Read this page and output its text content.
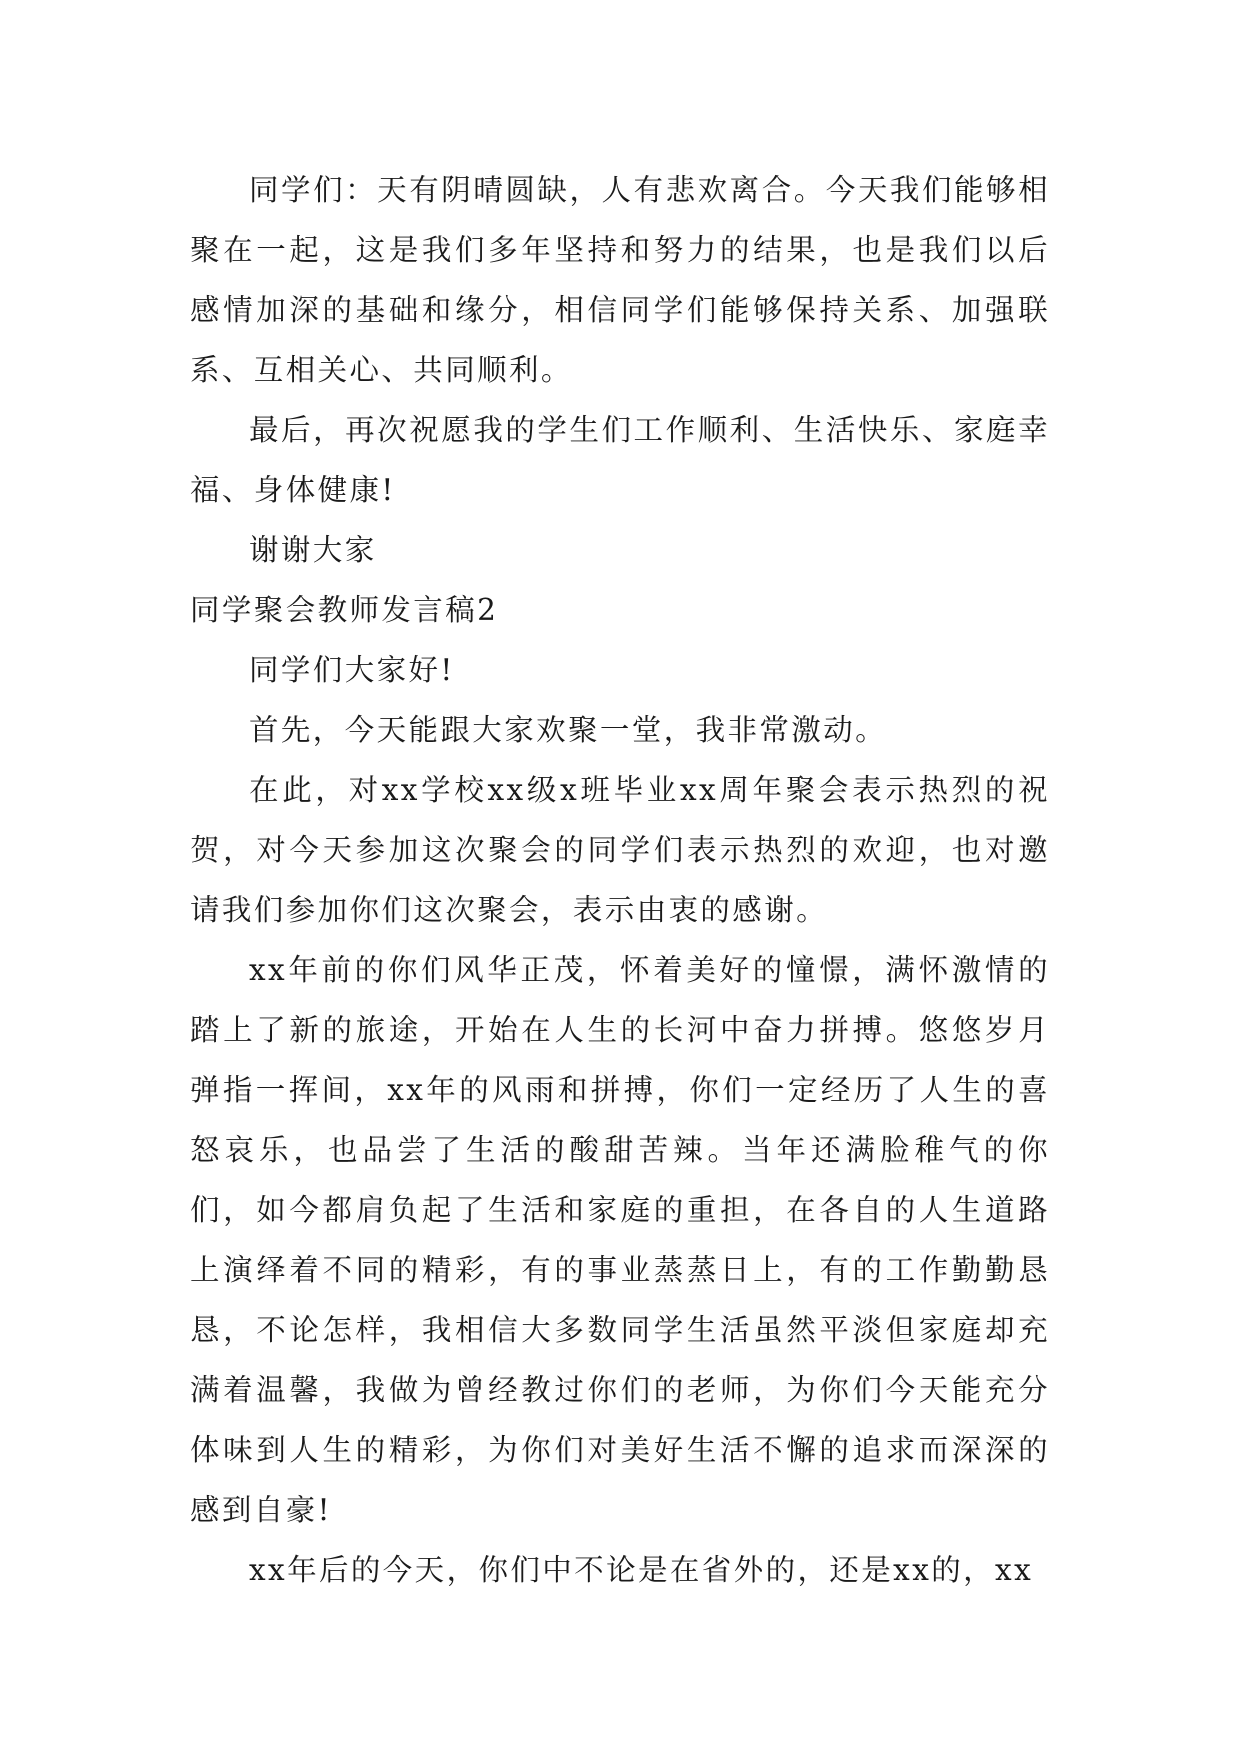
同学们：天有阴晴圆缺，人有悲欢离合。今天我们能够相聚在一起，这是我们多年坚持和努力的结果，也是我们以后感情加深的基础和缘分，相信同学们能够保持关系、加强联系、互相关心、共同顺利。

最后，再次祝愿我的学生们工作顺利、生活快乐、家庭幸福、身体健康!

谢谢大家

同学聚会教师发言稿2

同学们大家好!

首先，今天能跟大家欢聚一堂，我非常激动。

在此，对xx学校xx级x班毕业xx周年聚会表示热烈的祝贺，对今天参加这次聚会的同学们表示热烈的欢迎，也对邀请我们参加你们这次聚会，表示由衷的感谢。

xx年前的你们风华正茂，怀着美好的憧憬，满怀激情的踏上了新的旅途，开始在人生的长河中奋力拼搏。悠悠岁月弹指一挥间，xx年的风雨和拼搏，你们一定经历了人生的喜怒哀乐，也品尝了生活的酸甜苦辣。当年还满脸稚气的你们，如今都肩负起了生活和家庭的重担，在各自的人生道路上演绎着不同的精彩，有的事业蒸蒸日上，有的工作勤勤恳恳，不论怎样，我相信大多数同学生活虽然平淡但家庭却充满着温馨，我做为曾经教过你们的老师，为你们今天能充分体味到人生的精彩，为你们对美好生活不懈的追求而深深的感到自豪!

xx年后的今天，你们中不论是在省外的，还是xx的，xx
